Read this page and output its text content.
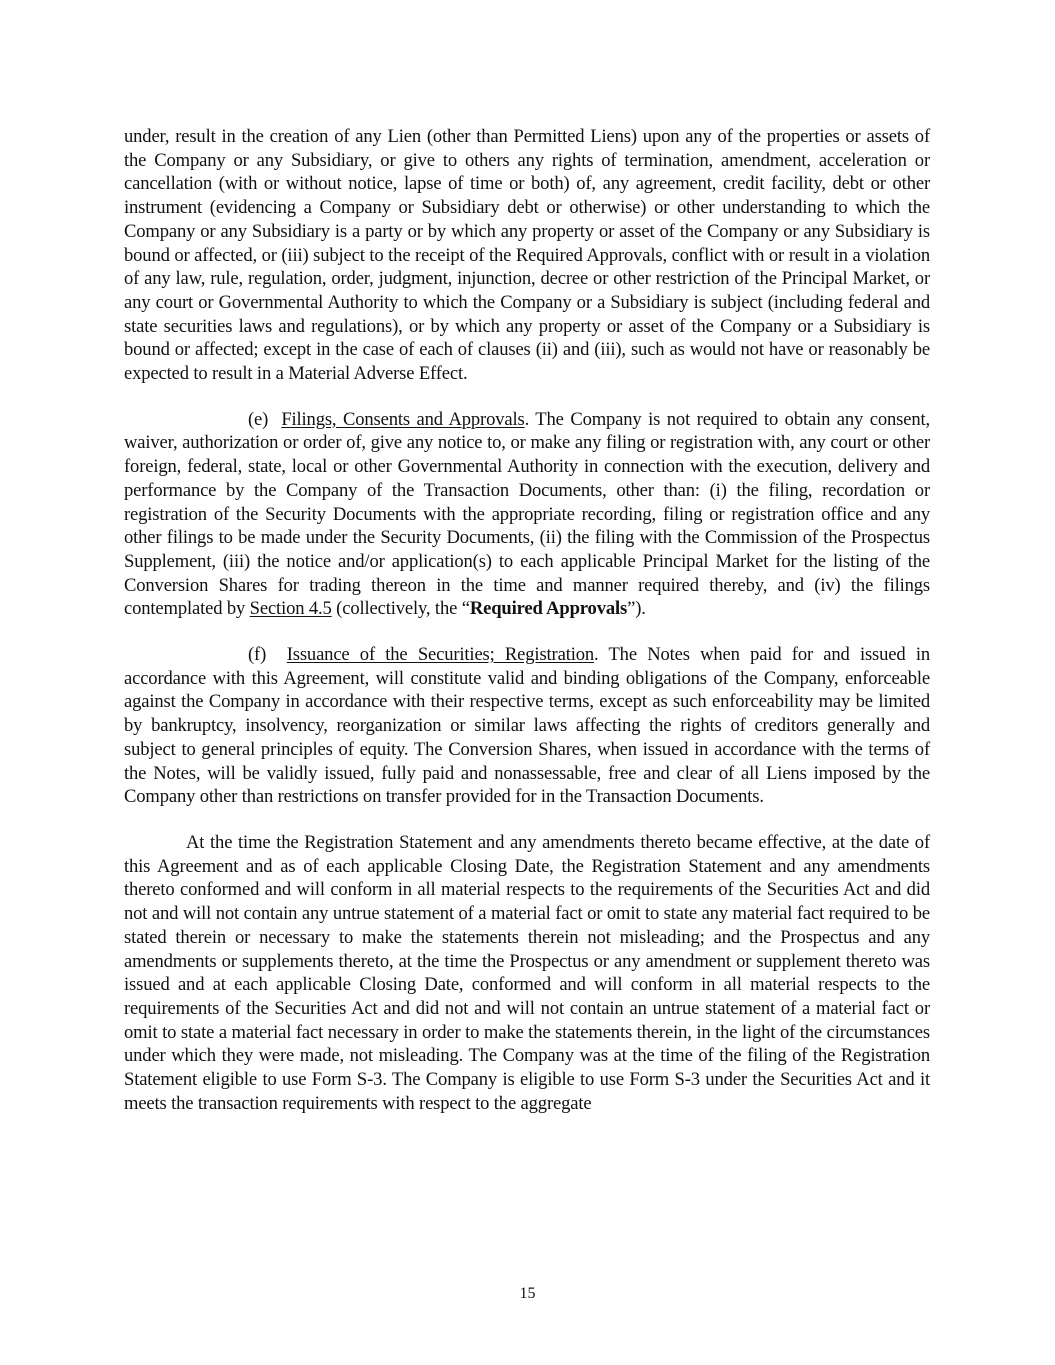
under, result in the creation of any Lien (other than Permitted Liens) upon any of the properties or assets of the Company or any Subsidiary, or give to others any rights of termination, amendment, acceleration or cancellation (with or without notice, lapse of time or both) of, any agreement, credit facility, debt or other instrument (evidencing a Company or Subsidiary debt or otherwise) or other understanding to which the Company or any Subsidiary is a party or by which any property or asset of the Company or any Subsidiary is bound or affected, or (iii) subject to the receipt of the Required Approvals, conflict with or result in a violation of any law, rule, regulation, order, judgment, injunction, decree or other restriction of the Principal Market, or any court or Governmental Authority to which the Company or a Subsidiary is subject (including federal and state securities laws and regulations), or by which any property or asset of the Company or a Subsidiary is bound or affected; except in the case of each of clauses (ii) and (iii), such as would not have or reasonably be expected to result in a Material Adverse Effect.

(e) Filings, Consents and Approvals. The Company is not required to obtain any consent, waiver, authorization or order of, give any notice to, or make any filing or registration with, any court or other foreign, federal, state, local or other Governmental Authority in connection with the execution, delivery and performance by the Company of the Transaction Documents, other than: (i) the filing, recordation or registration of the Security Documents with the appropriate recording, filing or registration office and any other filings to be made under the Security Documents, (ii) the filing with the Commission of the Prospectus Supplement, (iii) the notice and/or application(s) to each applicable Principal Market for the listing of the Conversion Shares for trading thereon in the time and manner required thereby, and (iv) the filings contemplated by Section 4.5 (collectively, the “Required Approvals”).

(f) Issuance of the Securities; Registration. The Notes when paid for and issued in accordance with this Agreement, will constitute valid and binding obligations of the Company, enforceable against the Company in accordance with their respective terms, except as such enforceability may be limited by bankruptcy, insolvency, reorganization or similar laws affecting the rights of creditors generally and subject to general principles of equity. The Conversion Shares, when issued in accordance with the terms of the Notes, will be validly issued, fully paid and nonassessable, free and clear of all Liens imposed by the Company other than restrictions on transfer provided for in the Transaction Documents.

At the time the Registration Statement and any amendments thereto became effective, at the date of this Agreement and as of each applicable Closing Date, the Registration Statement and any amendments thereto conformed and will conform in all material respects to the requirements of the Securities Act and did not and will not contain any untrue statement of a material fact or omit to state any material fact required to be stated therein or necessary to make the statements therein not misleading; and the Prospectus and any amendments or supplements thereto, at the time the Prospectus or any amendment or supplement thereto was issued and at each applicable Closing Date, conformed and will conform in all material respects to the requirements of the Securities Act and did not and will not contain an untrue statement of a material fact or omit to state a material fact necessary in order to make the statements therein, in the light of the circumstances under which they were made, not misleading. The Company was at the time of the filing of the Registration Statement eligible to use Form S-3. The Company is eligible to use Form S-3 under the Securities Act and it meets the transaction requirements with respect to the aggregate

15
